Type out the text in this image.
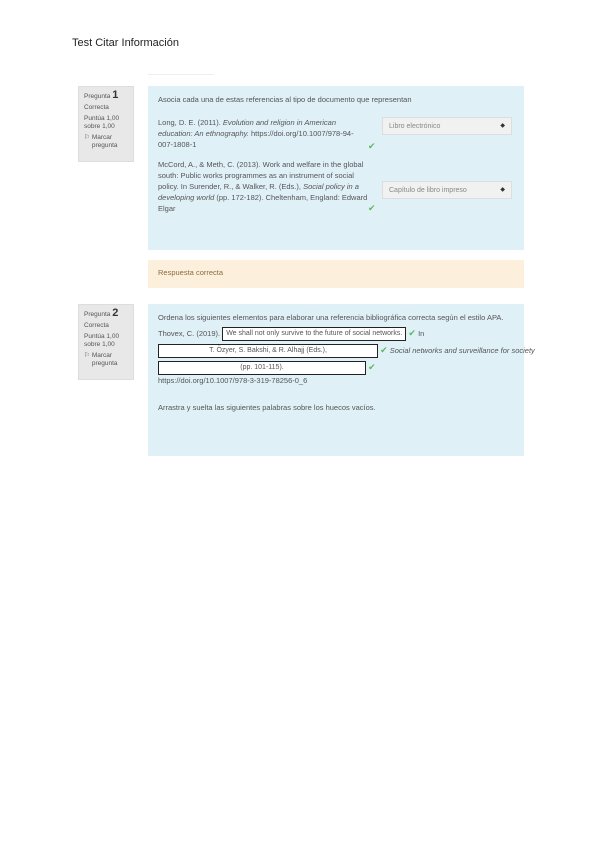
Test Citar Información

Pregunta 1

Correcta

Puntúa 1,00 sobre 1,00

⚐ Marcar pregunta
Asocia cada una de estas referencias al tipo de documento que representan
Long, D. E. (2011). Evolution and religion in American education: An ethnography. https://doi.org/10.1007/978-94-007-1808-1	✔
Libro electrónico	◆
McCord, A., & Meth, C. (2013). Work and welfare in the global south: Public works programmes as an instrument of social policy. In Surender, R., & Walker, R. (Eds.), Social policy in a developing world (pp. 172-182). Cheltenham, England: Edward Elgar	✔
Capítulo de libro impreso	◆
Respuesta correcta

Pregunta 2

Correcta

Puntúa 1,00 sobre 1,00

⚐ Marcar pregunta
Ordena los siguientes elementos para elaborar una referencia bibliográfica correcta según el estilo APA.

Thovex, C. (2019). We shall not only survive to the future of social networks. ✔ In

T. Özyer, S. Bakshi, & R. Alhajj (Eds.),	✔ Social networks and surveillance for society

(pp. 101-115).	✔

https://doi.org/10.1007/978-3-319-78256-0_6

Arrastra y suelta las siguientes palabras sobre los huecos vacíos.
